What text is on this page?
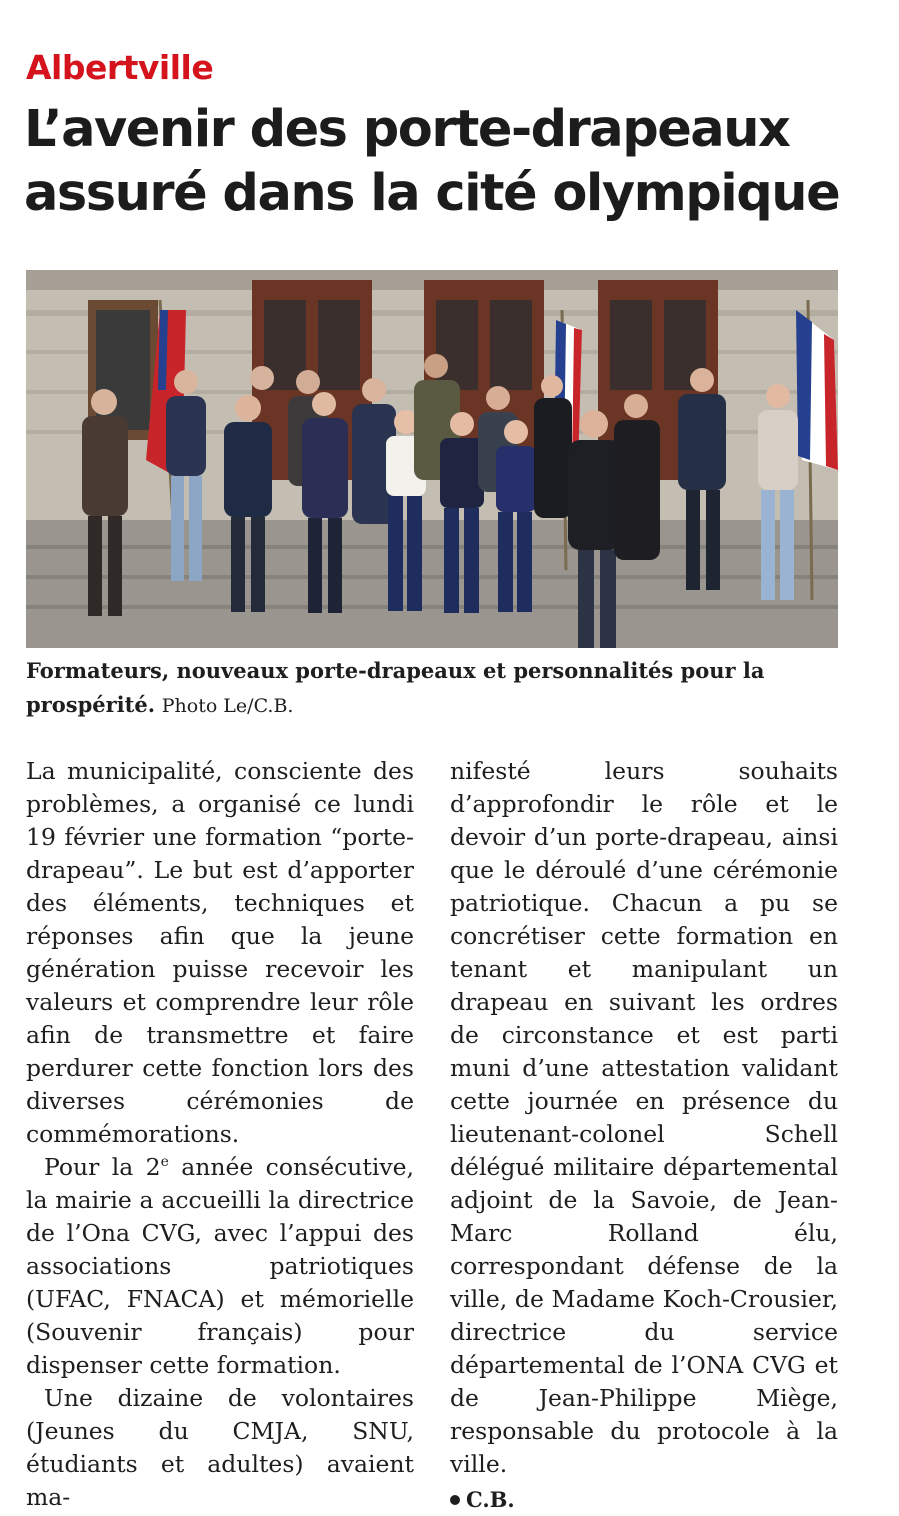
Albertville
L’avenir des porte-drapeaux assuré dans la cité olympique
Formateurs, nouveaux porte-drapeaux et personnalités pour la prospérité. Photo Le/C.B.

La municipalité, consciente des problèmes, a organisé ce lundi 19 février une formation “porte-drapeau”. Le but est d’apporter des éléments, techniques et réponses afin que la jeune génération puisse recevoir les valeurs et comprendre leur rôle afin de transmettre et faire perdurer cette fonction lors des diverses cérémonies de commémorations.

Pour la 2e année consécutive, la mairie a accueilli la directrice de l’Ona CVG, avec l’appui des associations patriotiques (UFAC, FNACA) et mémorielle (Souvenir français) pour dispenser cette formation.

Une dizaine de volontaires (Jeunes du CMJA, SNU, étudiants et adultes) avaient ma-

nifesté leurs souhaits d’approfondir le rôle et le devoir d’un porte-drapeau, ainsi que le déroulé d’une cérémonie patriotique. Chacun a pu se concrétiser cette formation en tenant et manipulant un drapeau en suivant les ordres de circonstance et est parti muni d’une attestation validant cette journée en présence du lieutenant-colonel Schell délégué militaire départemental adjoint de la Savoie, de Jean-Marc Rolland élu, correspondant défense de la ville, de Madame Koch-Crousier, directrice du service départemental de l’ONA CVG et de Jean-Philippe Miège, responsable du protocole à la ville.

C.B.
